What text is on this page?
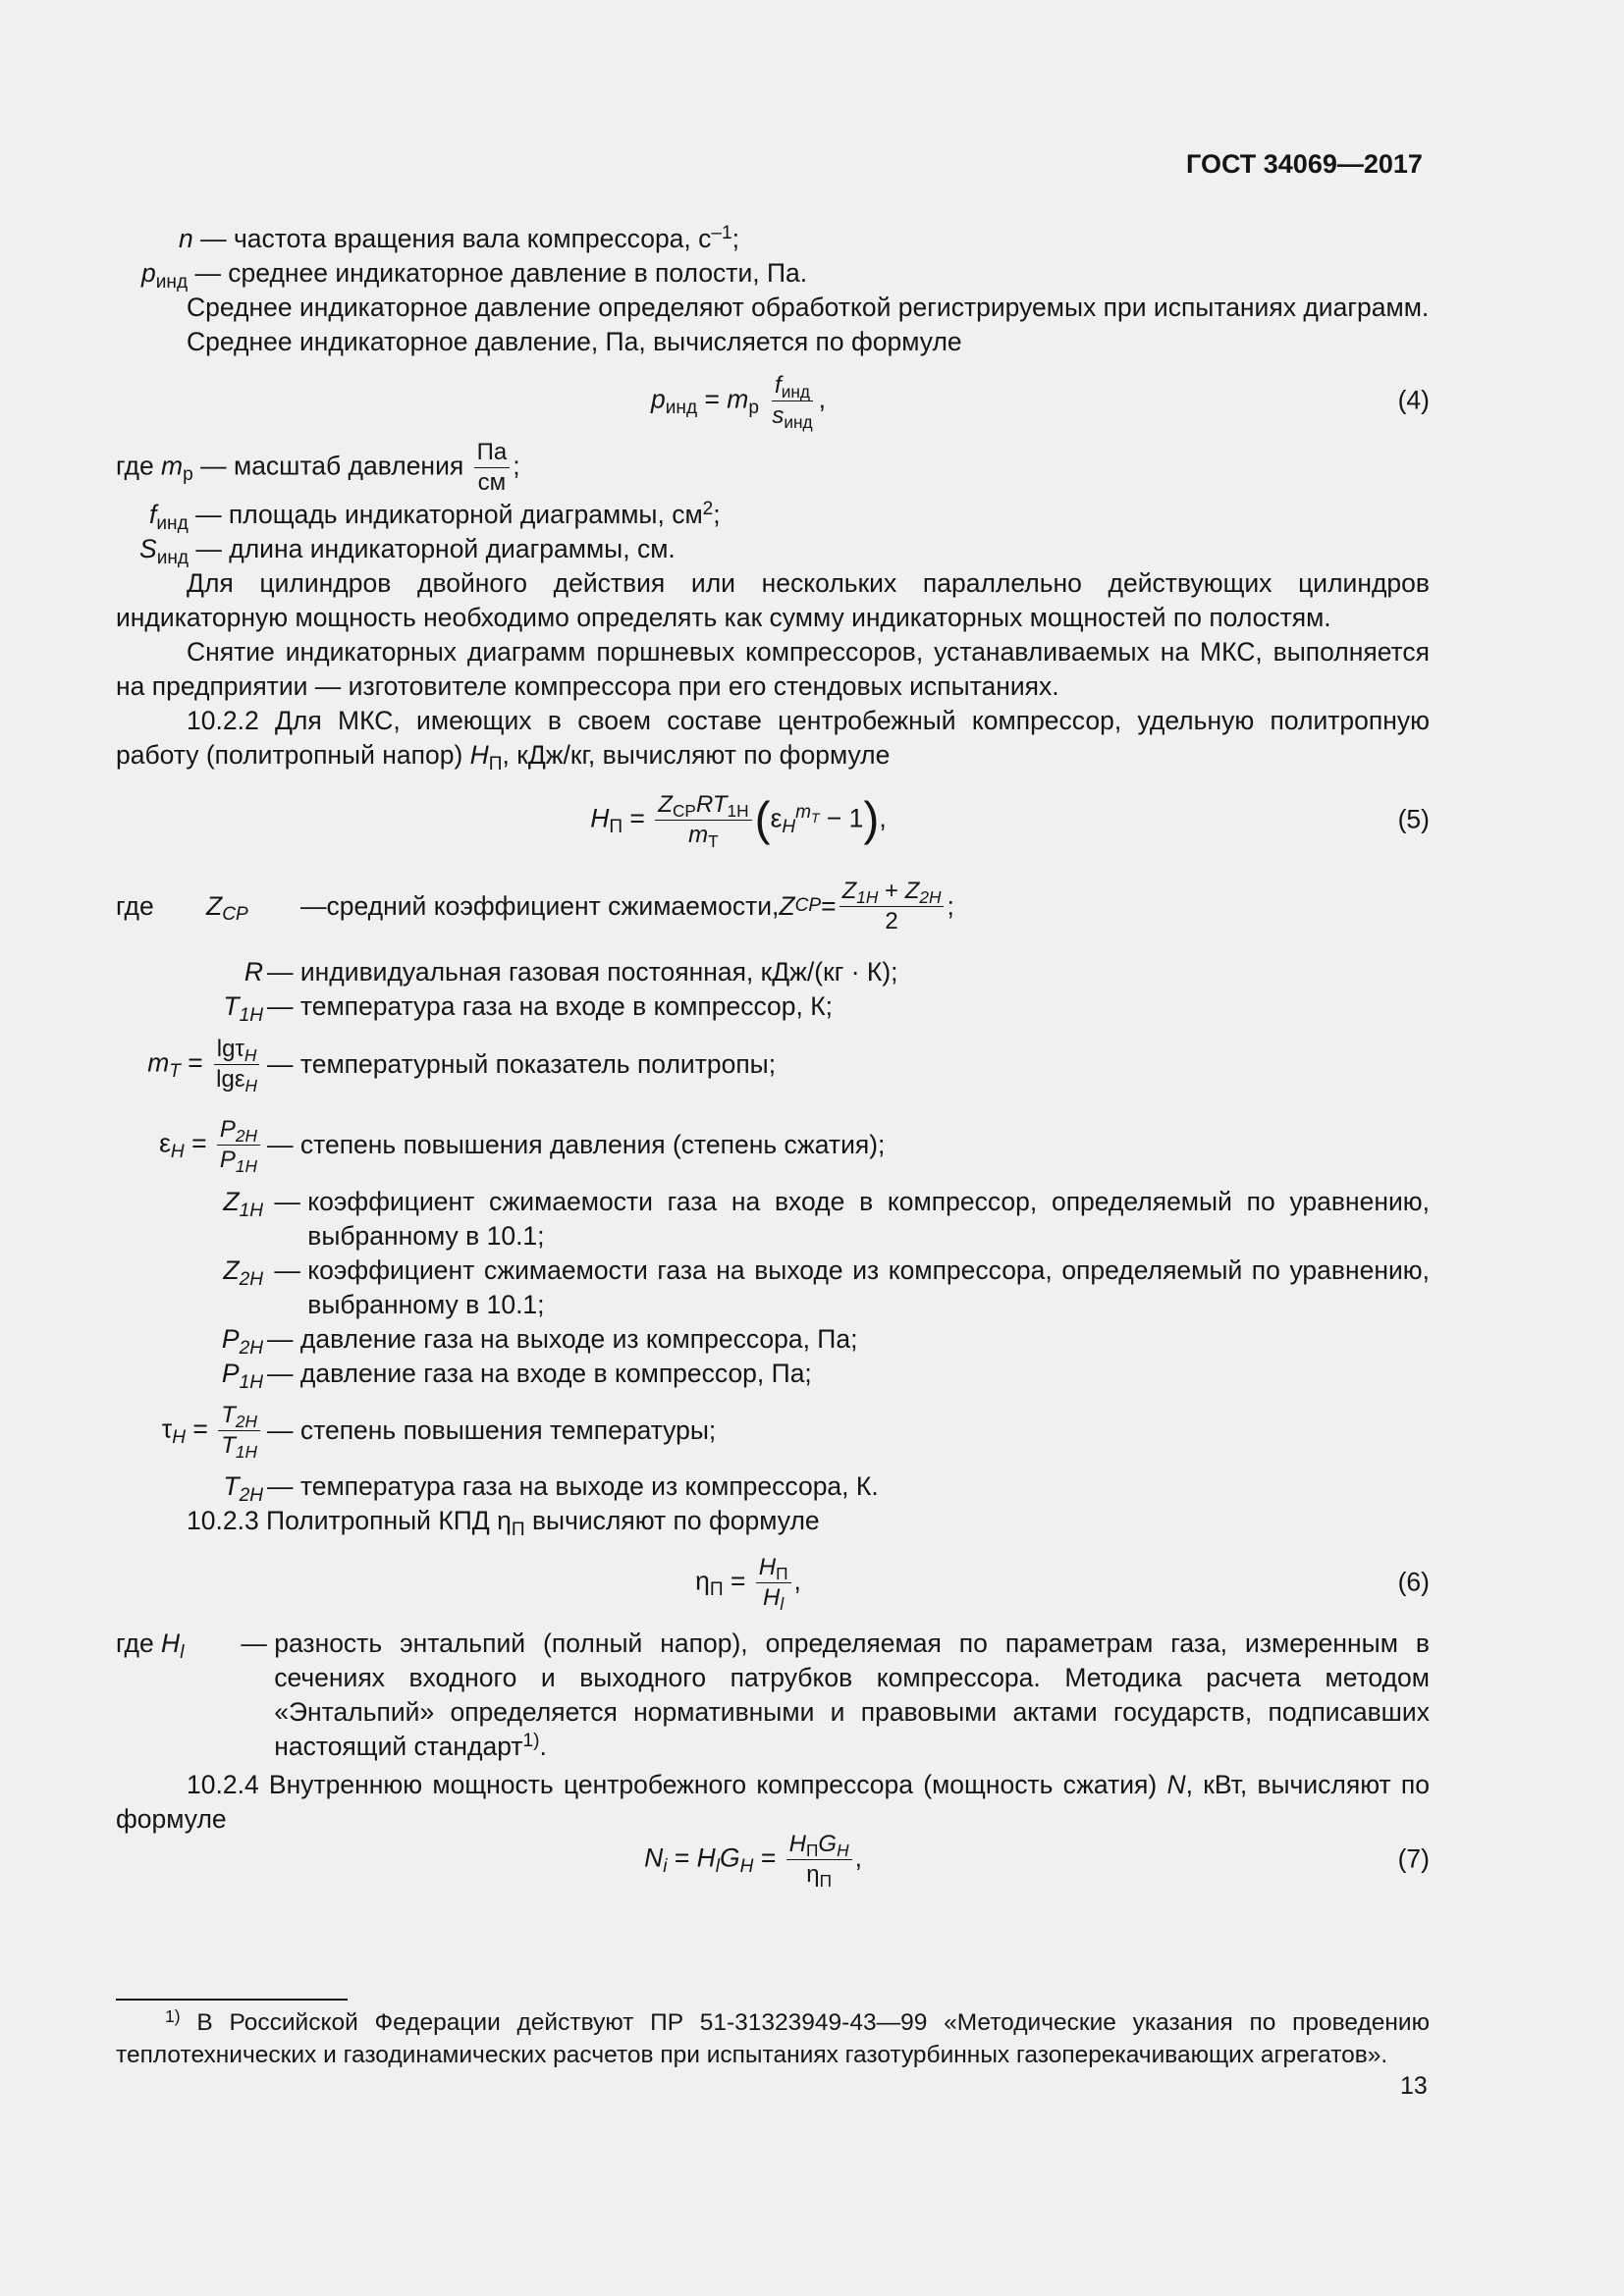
ГОСТ 34069—2017

n — частота вращения вала компрессора, $с^{-1}$;

$p_{инд}$ — среднее индикаторное давление в полости, Па.

Среднее индикаторное давление определяют обработкой регистрируемых при испытаниях диаграмм.

Среднее индикаторное давление, Па, вычисляется по формуле

$p_{инд} = m_p \frac{f_{инд}}{s_{инд}}$ ,	(4)

где $m_p$ — масштаб давления $\frac{Па}{см}$ ;

$f_{инд}$ — площадь индикаторной диаграммы, $см^2$;

$S_{инд}$ — длина индикаторной диаграммы, см.

Для цилиндров двойного действия или нескольких параллельно действующих цилиндров индикаторную мощность необходимо определять как сумму индикаторных мощностей по полостям.

Снятие индикаторных диаграмм поршневых компрессоров, устанавливаемых на МКС, выполняется на предприятии — изготовителе компрессора при его стендовых испытаниях.

10.2.2 Для МКС, имеющих в своем составе центробежный компрессор, удельную политропную работу (политропный напор) $H_П$, кДж/кг, вычисляют по формуле

$H_П = \frac{Z_{CP}RT_{1H}}{m_T} (\varepsilon_H^{m_T} - 1)$,	(5)
где	$Z_{CP}$	— средний коэффициент сжимаемости, Z CP = $\frac{Z_{1H} + Z_{2H}}{2}$ ;
R — индивидуальная газовая постоянная, кДж/(кг · К);
$T_{1H}$ — температура газа на входе в компрессор, К;
$m_T = \frac{\lg\tau_H}{\lg\varepsilon_H}$ — температурный показатель политропы;
$\varepsilon_H = \frac{P_{2H}}{P_{1H}}$ — степень повышения давления (степень сжатия);
$Z_{1H}$ — коэффициент сжимаемости газа на входе в компрессор, определяемый по уравнению, выбранному в 10.1;
$Z_{2H}$ — коэффициент сжимаемости газа на выходе из компрессора, определяемый по уравнению, выбранному в 10.1;
$P_{2H}$ — давление газа на выходе из компрессора, Па;
$P_{1H}$ — давление газа на входе в компрессор, Па;
$\tau_H = \frac{T_{2H}}{T_{1H}}$ — степень повышения температуры;
$T_{2H}$ — температура газа на выходе из компрессора, К.

10.2.3 Политропный КПД $\eta_П$ вычисляют по формуле

$\eta_П = \frac{H_П}{H_l}$ ,	(6)
где $H_l$	— разность энтальпий (полный напор), определяемая по параметрам газа, измеренным в сечениях входного и выходного патрубков компрессора. Методика расчета методом «Энтальпий» определяется нормативными и правовыми актами государств, подписавших настоящий стандарт$^{1)}$.

10.2.4 Внутреннюю мощность центробежного компрессора (мощность сжатия) N, кВт, вычисляют по формуле

$N_i = H_lG_H = \frac{H_ПG_H}{\eta_П}$ ,	(7)
$^{1)}$ В Российской Федерации действуют ПР 51-31323949-43—99 «Методические указания по проведению теплотехнических и газодинамических расчетов при испытаниях газотурбинных газоперекачивающих агрегатов».
13
